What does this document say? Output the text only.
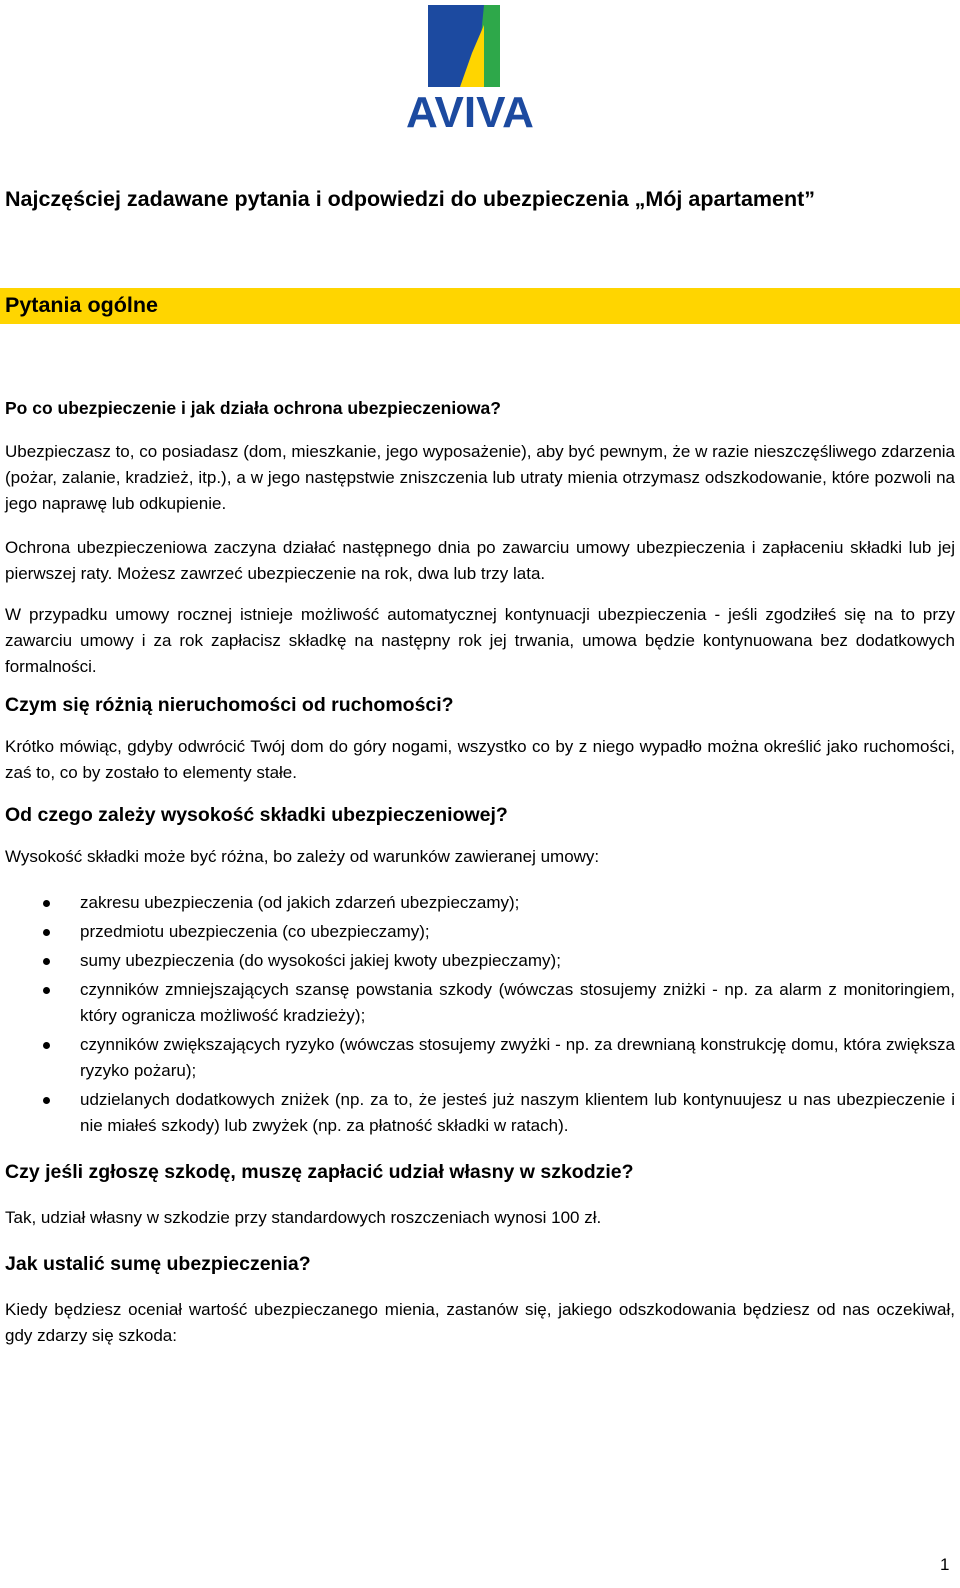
AVIVA
Najczęściej zadawane pytania i odpowiedzi do ubezpieczenia „Mój apartament”
Pytania ogólne

Po co ubezpieczenie i jak działa ochrona ubezpieczeniowa?

Ubezpieczasz to, co posiadasz (dom, mieszkanie, jego wyposażenie), aby być pewnym, że w razie nieszczęśliwego zdarzenia (pożar, zalanie, kradzież, itp.), a w jego następstwie zniszczenia lub utraty mienia otrzymasz odszkodowanie, które pozwoli na jego naprawę lub odkupienie.

Ochrona ubezpieczeniowa zaczyna działać następnego dnia po zawarciu umowy ubezpieczenia i zapłaceniu składki lub jej pierwszej raty. Możesz zawrzeć ubezpieczenie na rok, dwa lub trzy lata.

W przypadku umowy rocznej istnieje możliwość automatycznej kontynuacji ubezpieczenia - jeśli zgodziłeś się na to przy zawarciu umowy i za rok zapłacisz składkę na następny rok jej trwania, umowa będzie kontynuowana bez dodatkowych formalności.

Czym się różnią nieruchomości od ruchomości?

Krótko mówiąc, gdyby odwrócić Twój dom do góry nogami, wszystko co by z niego wypadło można określić jako ruchomości, zaś to, co by zostało to elementy stałe.

Od czego zależy wysokość składki ubezpieczeniowej?

Wysokość składki może być różna, bo zależy od warunków zawieranej umowy:

zakresu ubezpieczenia (od jakich zdarzeń ubezpieczamy);
przedmiotu ubezpieczenia (co ubezpieczamy);
sumy ubezpieczenia (do wysokości jakiej kwoty ubezpieczamy);
czynników zmniejszających szansę powstania szkody (wówczas stosujemy zniżki - np. za alarm z monitoringiem, który ogranicza możliwość kradzieży);
czynników zwiększających ryzyko (wówczas stosujemy zwyżki - np. za drewnianą konstrukcję domu, która zwiększa ryzyko pożaru);
udzielanych dodatkowych zniżek (np. za to, że jesteś już naszym klientem lub kontynuujesz u nas ubezpieczenie i nie miałeś szkody) lub zwyżek (np. za płatność składki w ratach).

Czy jeśli zgłoszę szkodę, muszę zapłacić udział własny w szkodzie?

Tak, udział własny w szkodzie przy standardowych roszczeniach wynosi 100 zł.

Jak ustalić sumę ubezpieczenia?

Kiedy będziesz oceniał wartość ubezpieczanego mienia, zastanów się, jakiego odszkodowania będziesz od nas oczekiwał, gdy zdarzy się szkoda:

1
